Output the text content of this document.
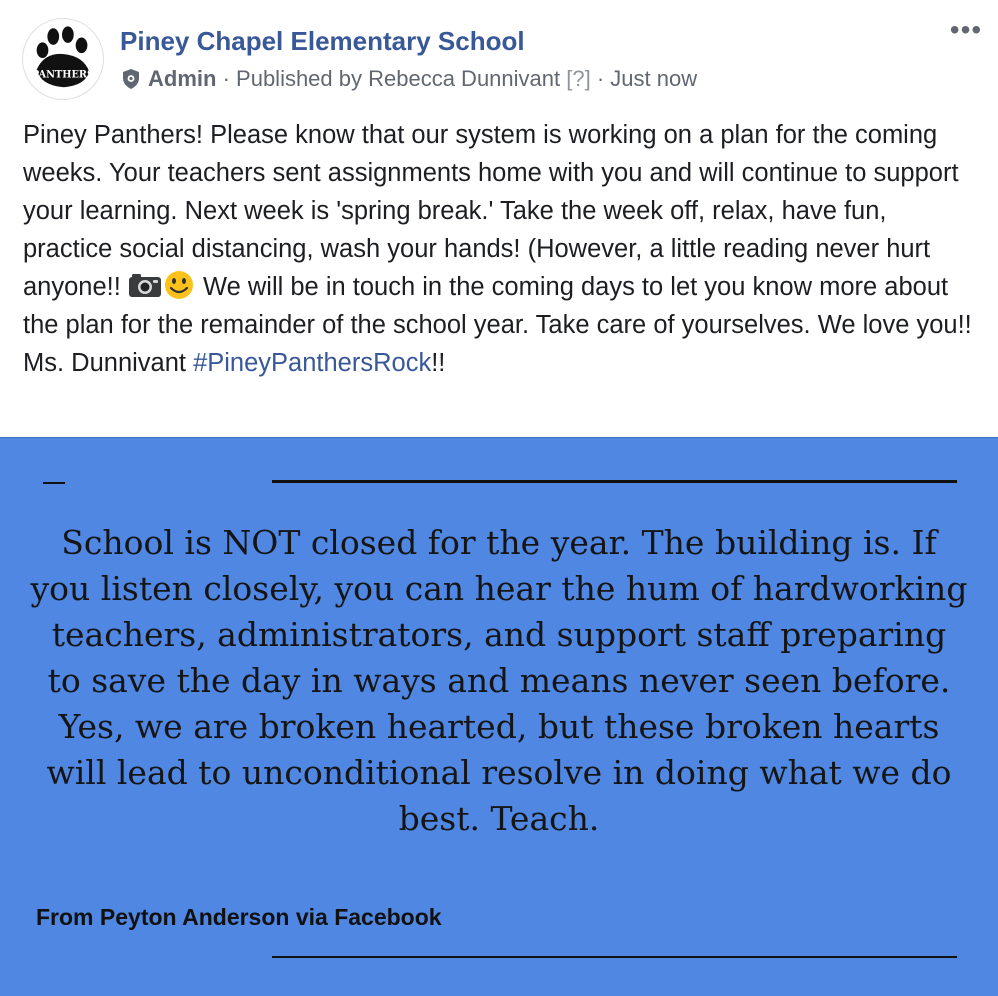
PANTHERS
Piney Chapel Elementary School
Admin · Published by Rebecca Dunnivant
[?] · Just now
•••
Piney Panthers! Please know that our system is working on a plan for the coming weeks. Your teachers sent assignments home with you and will continue to support your learning. Next week is 'spring break.' Take the week off, relax, have fun, practice social distancing, wash your hands! (However, a little reading never hurt anyone!!	We will be in touch in the coming days to let you know more about the plan for the remainder of the school year. Take care of yourselves. We love you!! Ms. Dunnivant #PineyPanthersRock!!
School is NOT closed for the year. The building is. If you listen closely, you can hear the hum of hardworking teachers, administrators, and support staff preparing to save the day in ways and means never seen before. Yes, we are broken hearted, but these broken hearts will lead to unconditional resolve in doing what we do best. Teach.
From Peyton Anderson via Facebook
